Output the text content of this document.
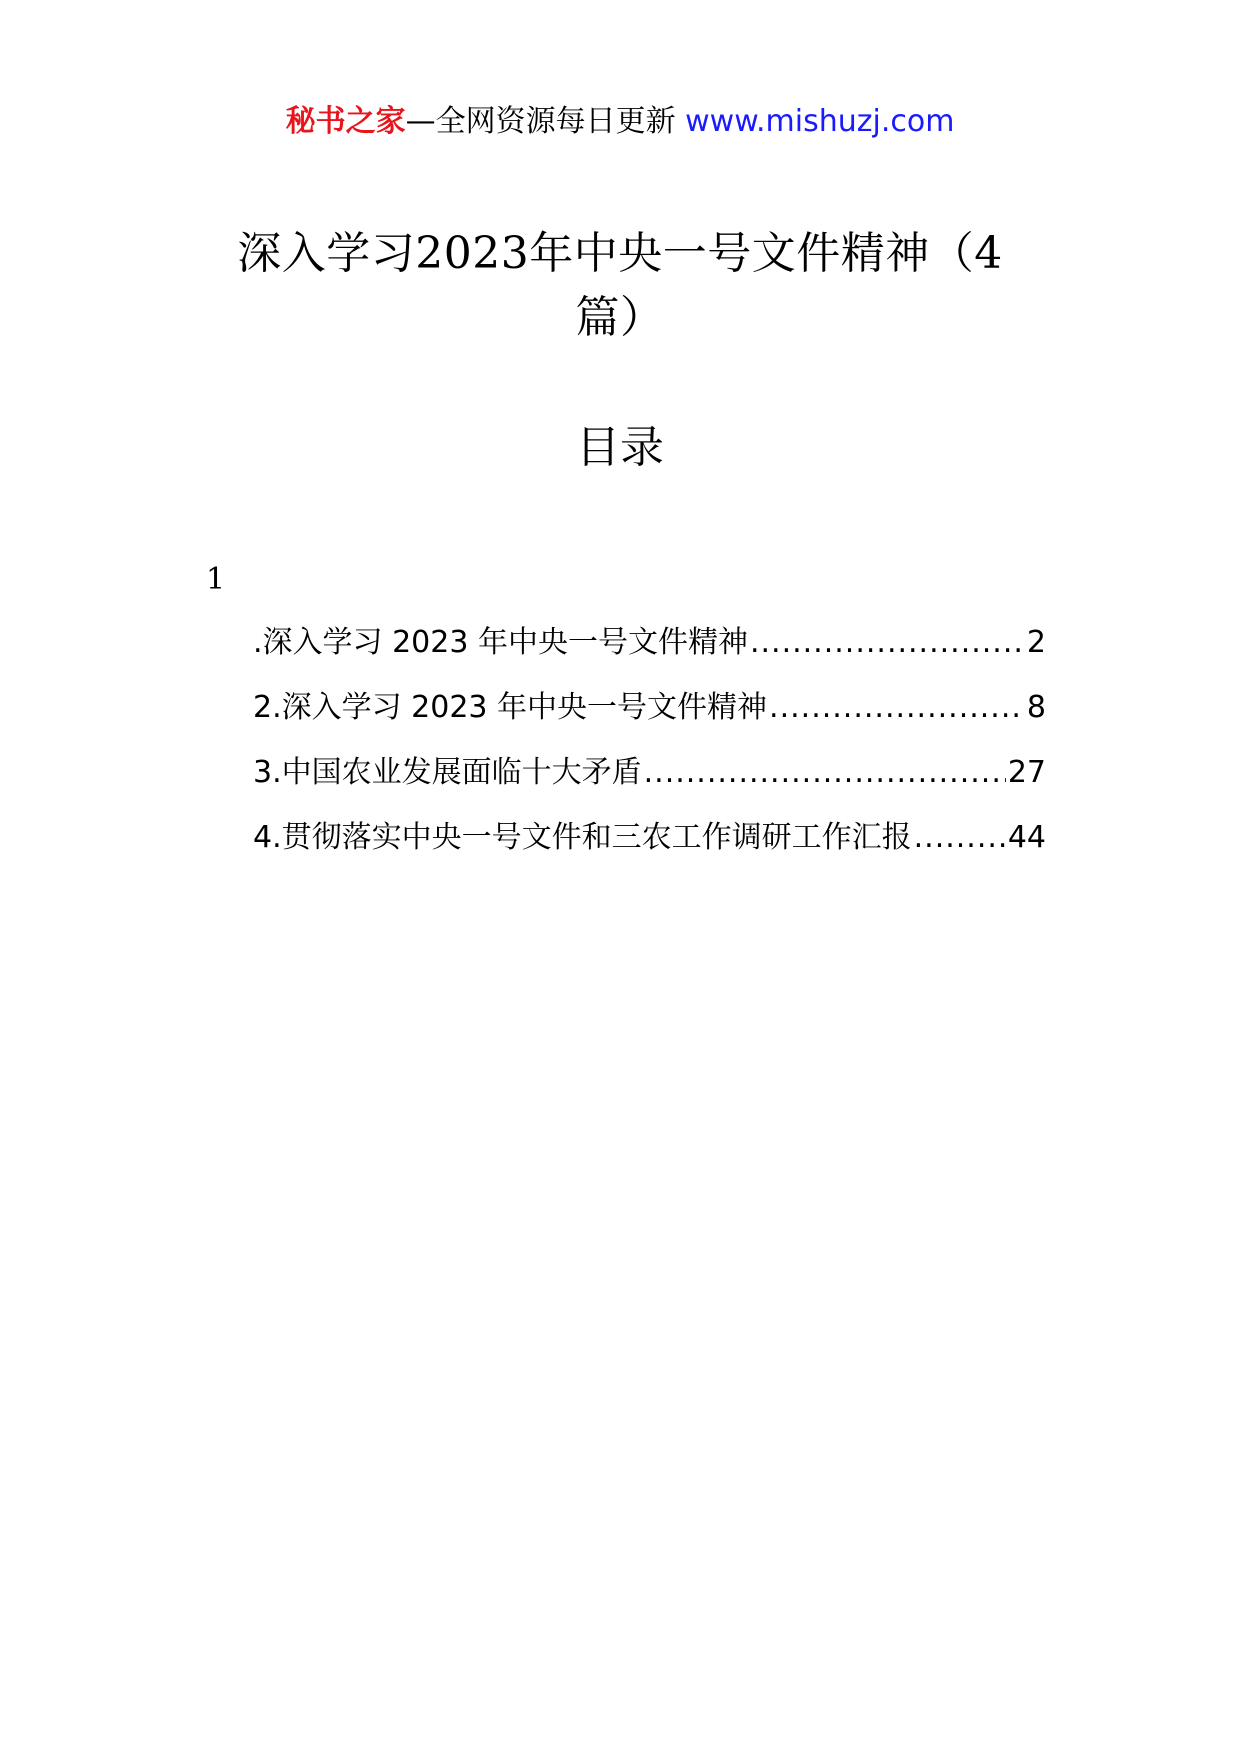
秘书之家—全网资源每日更新 www.mishuzj.com
深入学习2023年中央一号文件精神（4
篇）
目录
1
.深入学习 2023 年中央一号文件精神 .....	2
2.深入学习 2023 年中央一号文件精神 .....	8
3.中国农业发展面临十大矛盾 .....	27
4.贯彻落实中央一号文件和三农工作调研工作汇报 .....	44
